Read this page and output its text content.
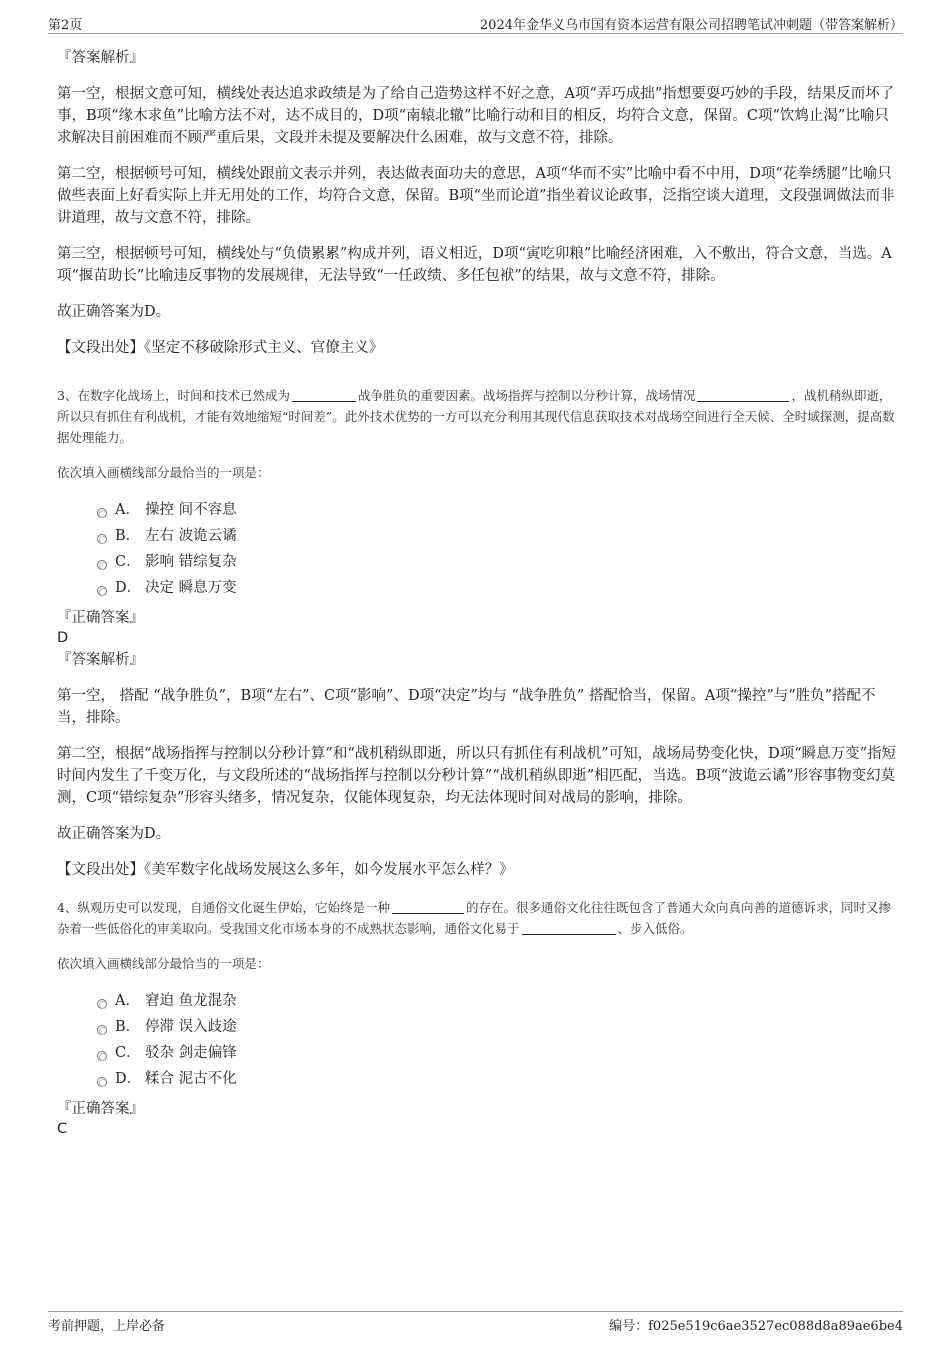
第2页	2024年金华义乌市国有资本运营有限公司招聘笔试冲刺题（带答案解析）

『答案解析』

第一空，根据文意可知，横线处表达追求政绩是为了给自己造势这样不好之意，A项“弄巧成拙”指想要耍巧妙的手段，结果反而坏了事，B项“缘木求鱼”比喻方法不对，达不成目的，D项“南辕北辙”比喻行动和目的相反，均符合文意，保留。C项“饮鸩止渴”比喻只求解决目前困难而不顾严重后果，文段并未提及要解决什么困难，故与文意不符，排除。

第二空，根据顿号可知，横线处跟前文表示并列，表达做表面功夫的意思，A项“华而不实”比喻中看不中用，D项“花拳绣腿”比喻只做些表面上好看实际上并无用处的工作，均符合文意，保留。B项“坐而论道”指坐着议论政事，泛指空谈大道理，文段强调做法而非讲道理，故与文意不符，排除。

第三空，根据顿号可知，横线处与“负债累累”构成并列，语义相近，D项“寅吃卯粮”比喻经济困难，入不敷出，符合文意，当选。A项“揠苗助长”比喻违反事物的发展规律，无法导致“一任政绩、多任包袱”的结果，故与文意不符，排除。

故正确答案为D。

【文段出处】《坚定不移破除形式主义、官僚主义》

3、在数字化战场上，时间和技术已然成为	战争胜负的重要因素。战场指挥与控制以分秒计算，战场情况	，战机稍纵即逝，所以只有抓住有利战机，才能有效地缩短“时间差”。此外技术优势的一方可以充分利用其现代信息获取技术对战场空间进行全天候、全时域探测，提高数据处理能力。

依次填入画横线部分最恰当的一项是：

A． 操控 间不容息
B． 左右 波诡云谲
C． 影响 错综复杂
D． 决定 瞬息万变

『正确答案』

D

『答案解析』

第一空， 搭配 “战争胜负”，B项“左右”、C项“影响”、D项“决定”均与 “战争胜负” 搭配恰当，保留。A项“操控”与“胜负”搭配不当，排除。

第二空，根据“战场指挥与控制以分秒计算”和“战机稍纵即逝，所以只有抓住有利战机”可知，战场局势变化快，D项“瞬息万变”指短时间内发生了千变万化，与文段所述的“战场指挥与控制以分秒计算”“战机稍纵即逝”相匹配，当选。B项“波诡云谲”形容事物变幻莫测，C项“错综复杂”形容头绪多，情况复杂，仅能体现复杂，均无法体现时间对战局的影响，排除。

故正确答案为D。

【文段出处】《美军数字化战场发展这么多年，如今发展水平怎么样？》

4、纵观历史可以发现，自通俗文化诞生伊始，它始终是一种	的存在。很多通俗文化往往既包含了普通大众向真向善的道德诉求，同时又掺杂着一些低俗化的审美取向。受我国文化市场本身的不成熟状态影响，通俗文化易于	、步入低俗。

依次填入画横线部分最恰当的一项是：

A． 窘迫 鱼龙混杂
B． 停滞 误入歧途
C． 驳杂 剑走偏锋
D． 糅合 泥古不化

『正确答案』

C

考前押题，上岸必备	编号：f025e519c6ae3527ec088d8a89ae6be4
